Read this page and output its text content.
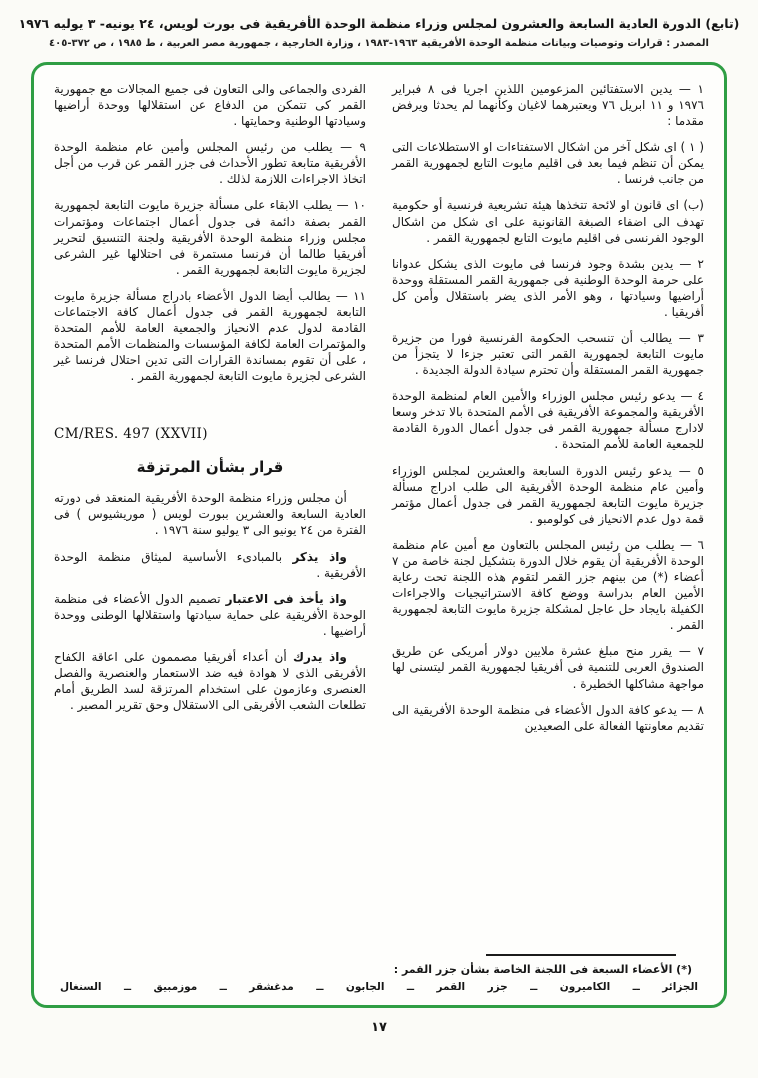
(تابع) الدورة العادية السابعة والعشرون لمجلس وزراء منظمة الوحدة الأفريقية فى بورت لويس، ٢٤ يونيه- ٣ يوليه ١٩٧٦
المصدر : قرارات وتوصيات وبيانات منظمة الوحدة الأفريقية ١٩٦٣-١٩٨٣ ، وزارة الخارجية ، جمهورية مصر العربية ، ط ١٩٨٥ ، ص ٣٧٢-٤٠٥

١ — يدين الاستفتائين المزعومين اللذين اجريا فى ٨ فبراير ١٩٧٦ و ١١ ابريل ٧٦ ويعتبرهما لاغيان وكأنهما لم يحدثا ويرفض مقدما :

( ١ ) اى شكل آخر من اشكال الاستفتاءات او الاستطلاعات التى يمكن أن تنظم فيما بعد فى اقليم مايوت التابع لجمهورية القمر من جانب فرنسا .

(ب) اى قانون او لائحة تتخذها هيئة تشريعية فرنسية أو حكومية تهدف الى اضفاء الصبغة القانونية على اى شكل من اشكال الوجود الفرنسى فى اقليم مايوت التابع لجمهورية القمر .

٢ — يدين بشدة وجود فرنسا فى مايوت الذى يشكل عدوانا على حرمة الوحدة الوطنية فى جمهورية القمر المستقلة ووحدة أراضيها وسيادتها ، وهو الأمر الذى يضر باستقلال وأمن كل أفريقيا .

٣ — يطالب أن تنسحب الحكومة الفرنسية فورا من جزيرة مايوت التابعة لجمهورية القمر التى تعتبر جزءا لا يتجزأ من جمهورية القمر المستقلة وأن تحترم سيادة الدولة الجديدة .

٤ — يدعو رئيس مجلس الوزراء والأمين العام لمنظمة الوحدة الأفريقية والمجموعة الأفريقية فى الأمم المتحدة بالا تدخر وسعا لادارج مسألة جمهورية القمر فى جدول أعمال الدورة القادمة للجمعية العامة للأمم المتحدة .

٥ — يدعو رئيس الدورة السابعة والعشرين لمجلس الوزراء وأمين عام منظمة الوحدة الأفريقية الى طلب ادراج مسألة جزيرة مايوت التابعة لجمهورية القمر فى جدول أعمال مؤتمر قمة دول عدم الانحياز فى كولومبو .

٦ — يطلب من رئيس المجلس بالتعاون مع أمين عام منظمة الوحدة الأفريقية أن يقوم خلال الدورة بتشكيل لجنة خاصة من ٧ أعضاء (*) من بينهم جزر القمر لتقوم هذه اللجنة تحت رعاية الأمين العام بدراسة ووضع كافة الاستراتيجيات والاجراءات الكفيلة بايجاد حل عاجل لمشكلة جزيرة مايوت التابعة لجمهورية القمر .

٧ — يقرر منح مبلغ عشرة ملايين دولار أمريكى عن طريق الصندوق العربى للتنمية فى أفريقيا لجمهورية القمر ليتسنى لها مواجهة مشاكلها الخطيرة .

٨ — يدعو كافة الدول الأعضاء فى منظمة الوحدة الأفريقية الى تقديم معاونتها الفعالة على الصعيدين

الفردى والجماعى والى التعاون فى جميع المجالات مع جمهورية القمر كى تتمكن من الدفاع عن استقلالها ووحدة أراضيها وسيادتها الوطنية وحمايتها .

٩ — يطلب من رئيس المجلس وأمين عام منظمة الوحدة الأفريقية متابعة تطور الأحداث فى جزر القمر عن قرب من أجل اتخاذ الاجراءات اللازمة لذلك .

١٠ — يطلب الابقاء على مسألة جزيرة مايوت التابعة لجمهورية القمر بصفة دائمة فى جدول أعمال اجتماعات ومؤتمرات مجلس وزراء منظمة الوحدة الأفريقية ولجنة التنسيق لتحرير أفريقيا طالما أن فرنسا مستمرة فى احتلالها غير الشرعى لجزيرة مايوت التابعة لجمهورية القمر .

١١ — يطالب أيضا الدول الأعضاء بادراج مسألة جزيرة مايوت التابعة لجمهورية القمر فى جدول أعمال كافة الاجتماعات القادمة لدول عدم الانحياز والجمعية العامة للأمم المتحدة والمؤتمرات العامة لكافة المؤسسات والمنظمات الأمم المتحدة ، على أن تقوم بمساندة القرارات التى تدين احتلال فرنسا غير الشرعى لجزيرة مايوت التابعة لجمهورية القمر .

CM/RES. 497 (XXVII)
قرار بشأن المرتزقة

أن مجلس وزراء منظمة الوحدة الأفريقية المنعقد فى دورته العادية السابعة والعشرين ببورت لويس ( موريشيوس ) فى الفترة من ٢٤ يونيو الى ٣ يوليو سنة ١٩٧٦ .

واذ يذكر بالمبادىء الأساسية لميثاق منظمة الوحدة الأفريقية .

واذ يأخذ فى الاعتبار تصميم الدول الأعضاء فى منظمة الوحدة الأفريقية على حماية سيادتها واستقلالها الوطنى ووحدة أراضيها .

واذ يدرك أن أعداء أفريقيا مصممون على اعاقة الكفاح الأفريقى الذى لا هوادة فيه ضد الاستعمار والعنصرية والفصل العنصرى وعازمون على استخدام المرتزقة لسد الطريق أمام تطلعات الشعب الأفريقى الى الاستقلال وحق تقرير المصير .

(*) الأعضاء السبعة فى اللجنة الخاصة بشأن جزر القمر :
الجزائر ــ الكاميرون ــ جزر القمر ــ الجابون ــ مدغشقر ــ موزمبيق ــ السنغال
١٧
